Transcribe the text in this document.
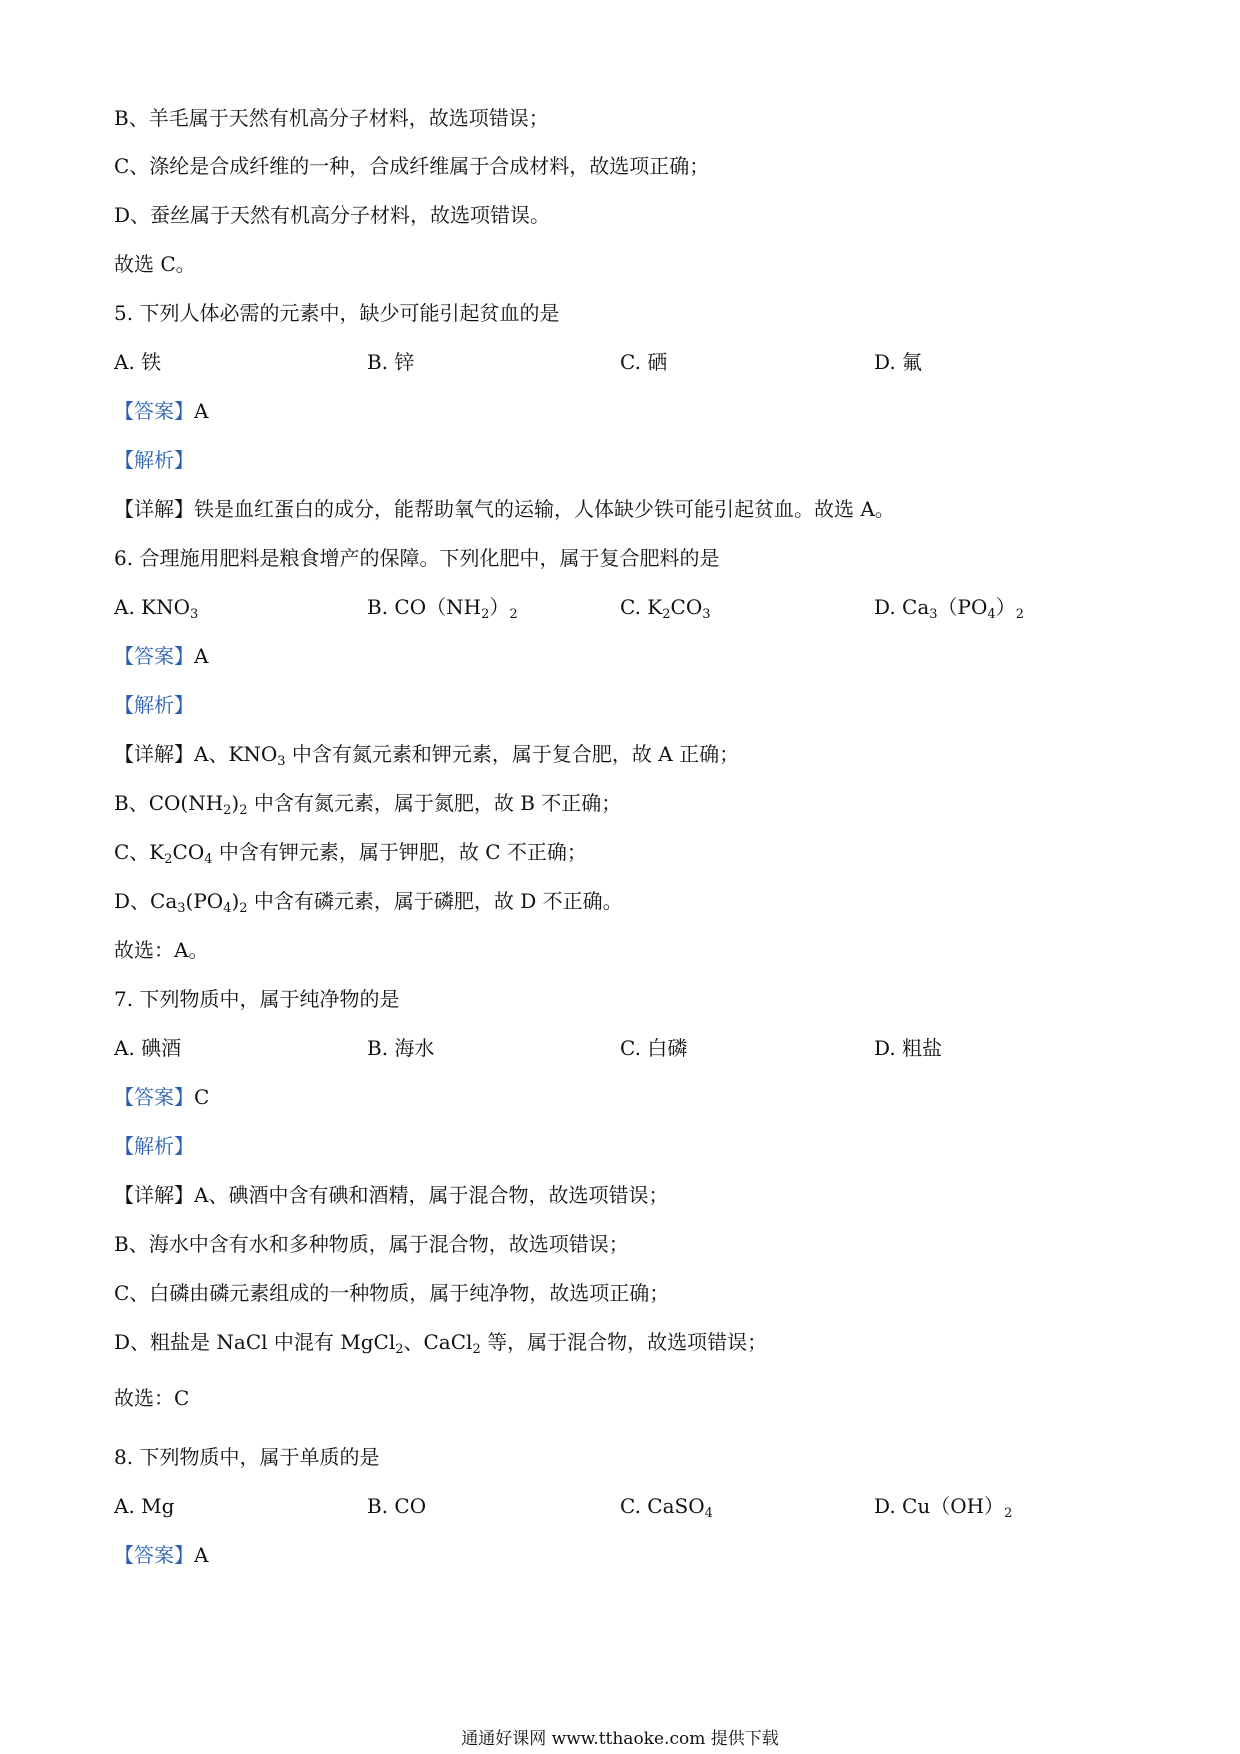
B、羊毛属于天然有机高分子材料，故选项错误；
C、涤纶是合成纤维的一种，合成纤维属于合成材料，故选项正确；
D、蚕丝属于天然有机高分子材料，故选项错误。
故选 C。
5. 下列人体必需的元素中，缺少可能引起贫血的是
A. 铁	B. 锌	C. 硒	D. 氟
【答案】A
【解析】
【详解】铁是血红蛋白的成分，能帮助氧气的运输，人体缺少铁可能引起贫血。故选 A。
6. 合理施用肥料是粮食增产的保障。下列化肥中，属于复合肥料的是
A. $KNO_3$	B. $CO(NH_2)_2$	C. $K_2CO_3$	D. $Ca_3(PO_4)_2$
【答案】A
【解析】
【详解】A、$KNO_3$ 中含有氮元素和钾元素，属于复合肥，故 A 正确；
B、$CO(NH_2)_2$ 中含有氮元素，属于氮肥，故 B 不正确；
C、$K_2CO_4$ 中含有钾元素，属于钾肥，故 C 不正确；
D、$Ca_3(PO_4)_2$ 中含有磷元素，属于磷肥，故 D 不正确。
故选：A。
7. 下列物质中，属于纯净物的是
A. 碘酒	B. 海水	C. 白磷	D. 粗盐
【答案】C
【解析】
【详解】A、碘酒中含有碘和酒精，属于混合物，故选项错误；
B、海水中含有水和多种物质，属于混合物，故选项错误；
C、白磷由磷元素组成的一种物质，属于纯净物，故选项正确；
D、粗盐是 NaCl 中混有 MgCl$_2$、CaCl$_2$ 等，属于混合物，故选项错误；
故选：C
8. 下列物质中，属于单质的是
A. Mg	B. CO	C. CaSO$_4$	D. $Cu(OH)_2$
【答案】A
通通好课网 www.tthaoke.com 提供下载
